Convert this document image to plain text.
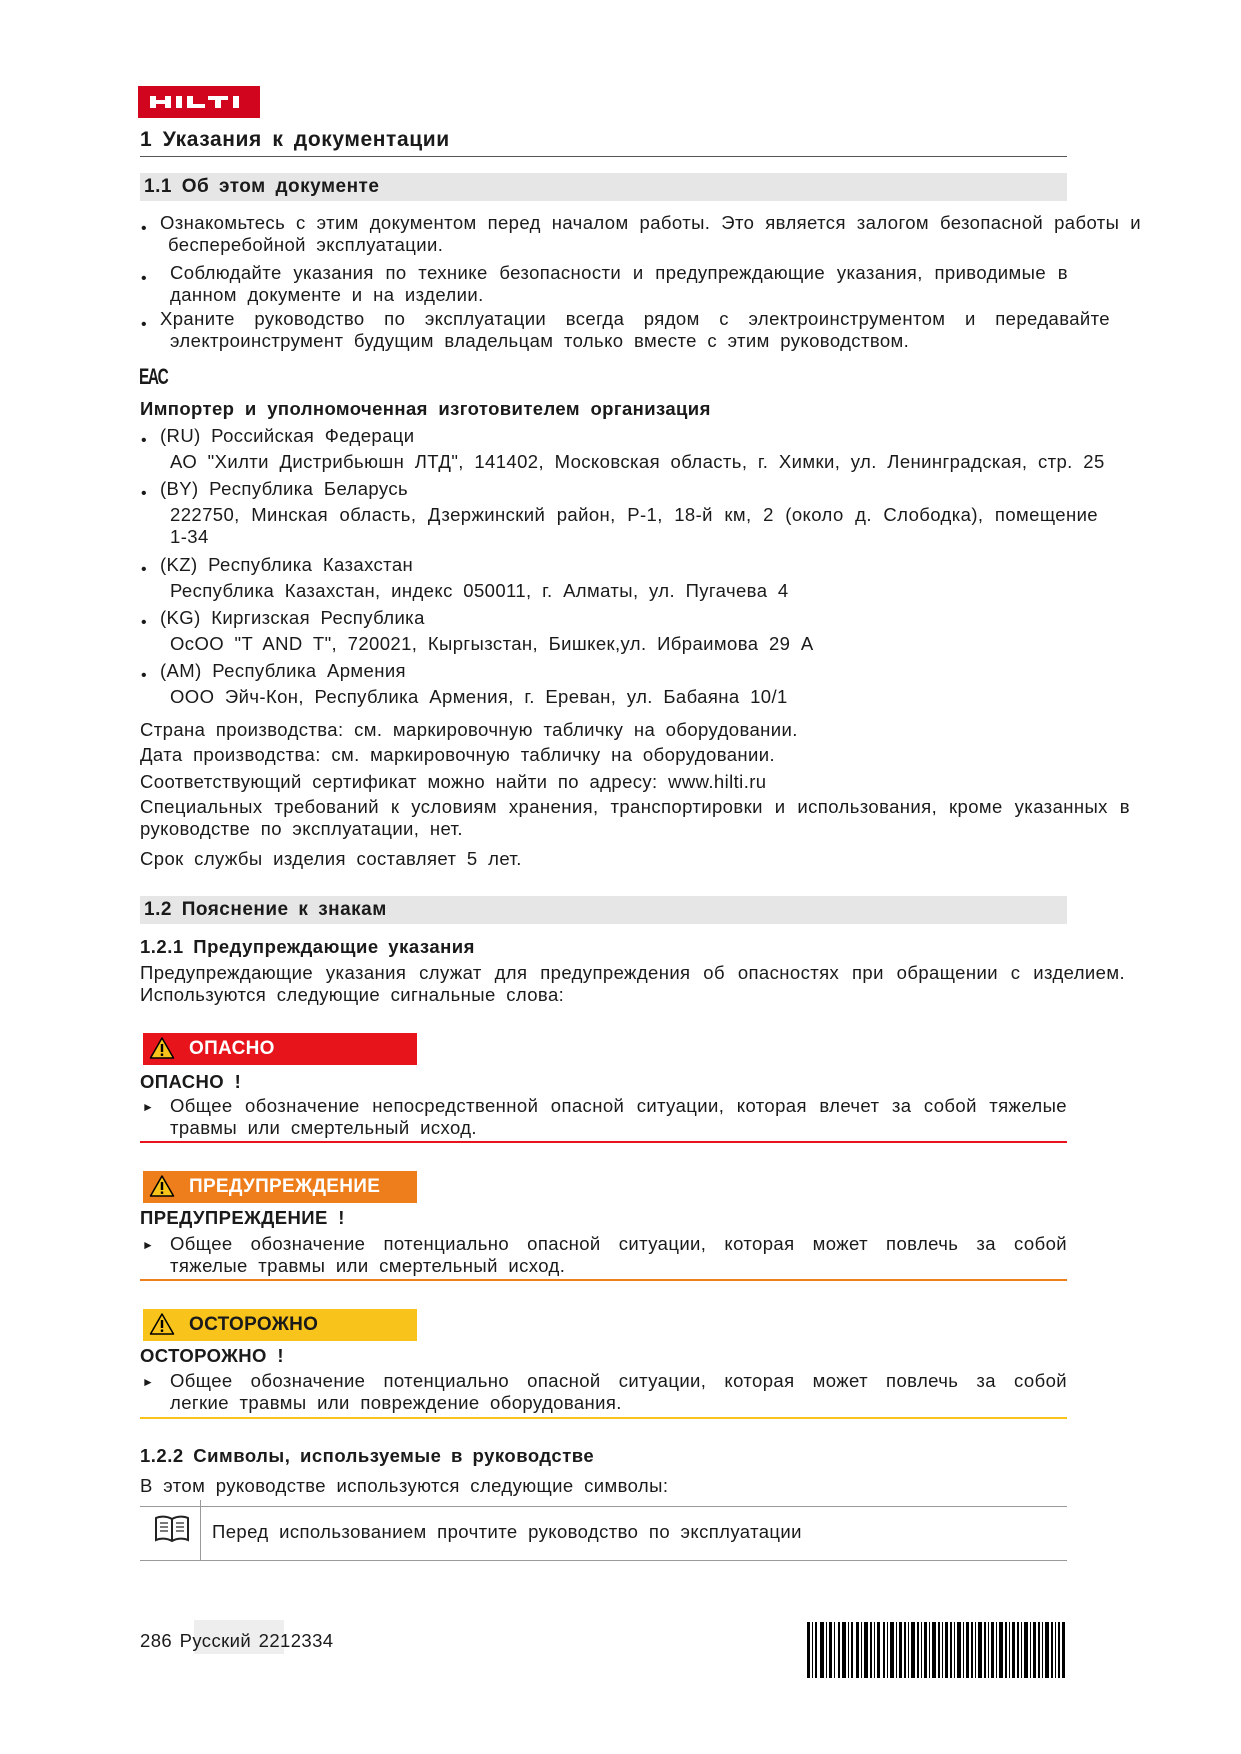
1 Указания к документации
1.1 Об этом документе
• Ознакомьтесь с этим документом перед началом работы. Это является залогом безопасной работы и бесперебойной эксплуатации.
• Соблюдайте указания по технике безопасности и предупреждающие указания, приводимые в данном документе и на изделии.
• Храните руководство по эксплуатации всегда рядом с электроинструментом и передавайте электроинструмент будущим владельцам только вместе с этим руководством.
EAC
Импортер и уполномоченная изготовителем организация
• (RU) Российская Федераци
АО "Хилти Дистрибьюшн ЛТД", 141402, Московская область, г. Химки, ул. Ленинградская, стр. 25
• (BY) Республика Беларусь
222750, Минская область, Дзержинский район, Р-1, 18-й км, 2 (около д. Слободка), помещение 1-34
• (KZ) Республика Казахстан
Республика Казахстан, индекс 050011, г. Алматы, ул. Пугачева 4
• (KG) Киргизская Республика
ОсОО "T AND T", 720021, Кыргызстан, Бишкек,ул. Ибраимова 29 А
• (AM) Республика Армения
ООО Эйч-Кон, Республика Армения, г. Ереван, ул. Бабаяна 10/1
Страна производства: см. маркировочную табличку на оборудовании.
Дата производства: см. маркировочную табличку на оборудовании.
Соответствующий сертификат можно найти по адресу: www.hilti.ru
Специальных требований к условиям хранения, транспортировки и использования, кроме указанных в руководстве по эксплуатации, нет.
Срок службы изделия составляет 5 лет.
1.2 Пояснение к знакам
1.2.1 Предупреждающие указания
Предупреждающие указания служат для предупреждения об опасностях при обращении с изделием. Используются следующие сигнальные слова:
ОПАСНО
ОПАСНО !
► Общее обозначение непосредственной опасной ситуации, которая влечет за собой тяжелые травмы или смертельный исход.
ПРЕДУПРЕЖДЕНИЕ
ПРЕДУПРЕЖДЕНИЕ !
► Общее обозначение потенциально опасной ситуации, которая может повлечь за собой тяжелые травмы или смертельный исход.
ОСТОРОЖНО
ОСТОРОЖНО !
► Общее обозначение потенциально опасной ситуации, которая может повлечь за собой легкие травмы или повреждение оборудования.
1.2.2 Символы, используемые в руководстве
В этом руководстве используются следующие символы:
Перед использованием прочтите руководство по эксплуатации
286 Русский 2212334
